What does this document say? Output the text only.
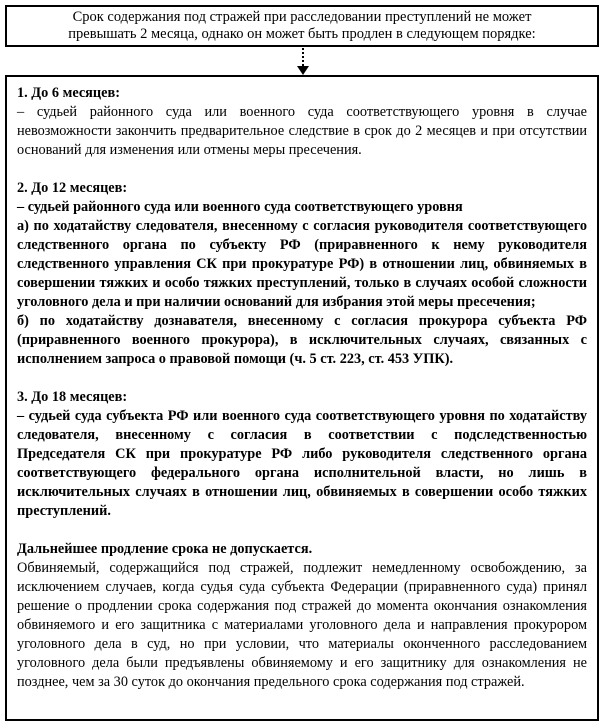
Срок содержания под стражей при расследовании преступлений не может
превышать 2 месяца, однако он может быть продлен в следующем порядке:
1. До 6 месяцев:
– судьей районного суда или военного суда соответствующего уровня в случае невозможности закончить предварительное следствие в срок до 2 месяцев и при отсутствии оснований для изменения или отмены меры пресечения.
2. До 12 месяцев:
– судьей районного суда или военного суда соответствующего уровня
а) по ходатайству следователя, внесенному с согласия руководителя соответствующего следственного органа по субъекту РФ (приравненного к нему руководителя следственного управления СК при прокуратуре РФ) в отношении лиц, обвиняемых в совершении тяжких и особо тяжких преступлений, только в случаях особой сложности уголовного дела и при наличии оснований для избрания этой меры пресечения;
б) по ходатайству дознавателя, внесенному с согласия прокурора субъекта РФ (приравненного военного прокурора), в исключительных случаях, связанных с исполнением запроса о правовой помощи (ч. 5 ст. 223, ст. 453 УПК).
3. До 18 месяцев:
– судьей суда субъекта РФ или военного суда соответствующего уровня по ходатайству следователя, внесенному с согласия в соответствии с подследственностью Председателя СК при прокуратуре РФ либо руководителя следственного органа соответствующего федерального органа исполнительной власти, но лишь в исключительных случаях в отношении лиц, обвиняемых в совершении особо тяжких преступлений.
Дальнейшее продление срока не допускается.
Обвиняемый, содержащийся под стражей, подлежит немедленному освобождению, за исключением случаев, когда судья суда субъекта Федерации (приравненного суда) принял решение о продлении срока содержания под стражей до момента окончания ознакомления обвиняемого и его защитника с материалами уголовного дела и направления прокурором уголовного дела в суд, но при условии, что материалы оконченного расследованием уголовного дела были предъявлены обвиняемому и его защитнику для ознакомления не позднее, чем за 30 суток до окончания предельного срока содержания под стражей.
